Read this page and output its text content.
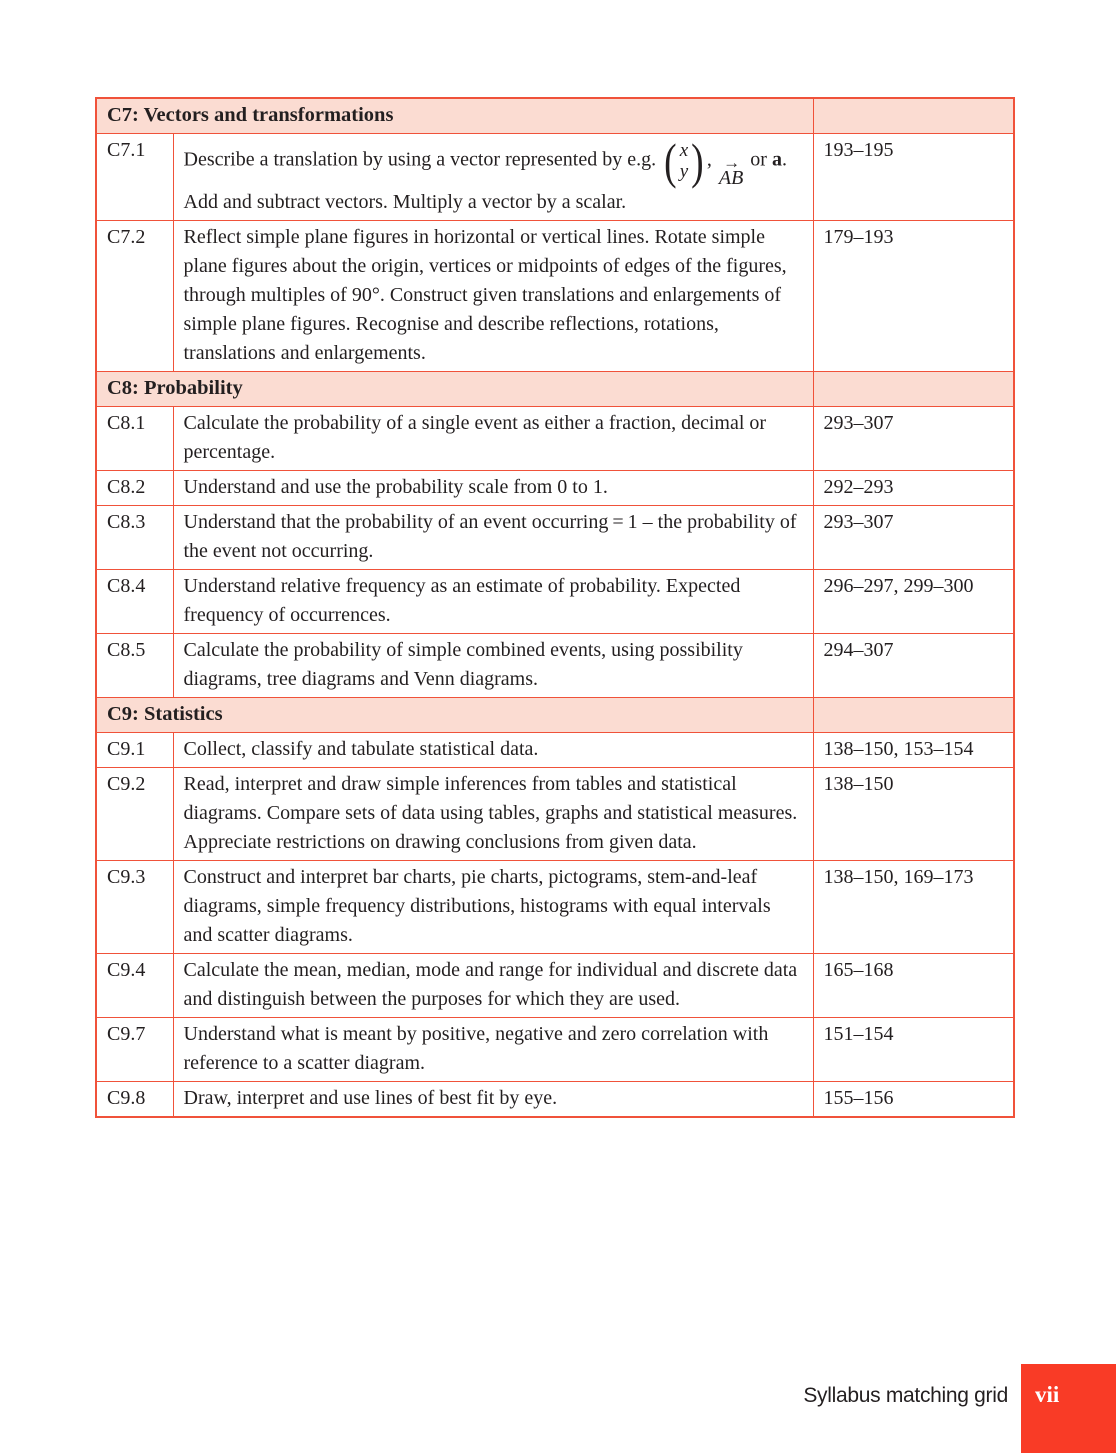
C7: Vectors and transformations		
C7.1	Describe a translation by using a vector represented by e.g. ( x
y ) , →
AB
or a. Add and subtract vectors. Multiply a vector by a scalar.	193–195
C7.2	Reflect simple plane figures in horizontal or vertical lines. Rotate simple plane figures about the origin, vertices or midpoints of edges of the figures, through multiples of 90°. Construct given translations and enlargements of simple plane figures. Recognise and describe reflections, rotations, translations and enlargements.	179–193
C8: Probability		
C8.1	Calculate the probability of a single event as either a fraction, decimal or percentage.	293–307
C8.2	Understand and use the probability scale from 0 to 1.	292–293
C8.3	Understand that the probability of an event occurring = 1 – the probability of the event not occurring.	293–307
C8.4	Understand relative frequency as an estimate of probability. Expected frequency of occurrences.	296–297, 299–300
C8.5	Calculate the probability of simple combined events, using possibility diagrams, tree diagrams and Venn diagrams.	294–307
C9: Statistics		
C9.1	Collect, classify and tabulate statistical data.	138–150, 153–154
C9.2	Read, interpret and draw simple inferences from tables and statistical diagrams. Compare sets of data using tables, graphs and statistical measures. Appreciate restrictions on drawing conclusions from given data.	138–150
C9.3	Construct and interpret bar charts, pie charts, pictograms, stem-and-leaf diagrams, simple frequency distributions, histograms with equal intervals and scatter diagrams.	138–150, 169–173
C9.4	Calculate the mean, median, mode and range for individual and discrete data and distinguish between the purposes for which they are used.	165–168
C9.7	Understand what is meant by positive, negative and zero correlation with reference to a scatter diagram.	151–154
C9.8	Draw, interpret and use lines of best fit by eye.	155–156
Syllabus matching grid vii
